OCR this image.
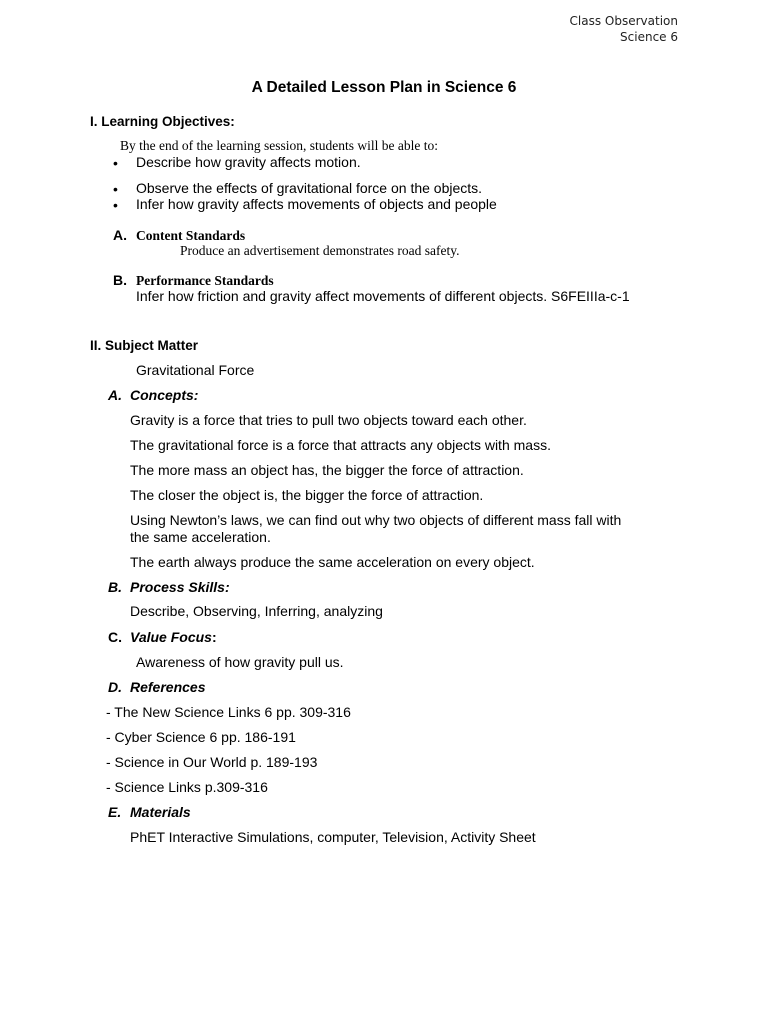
Class Observation
Science 6
A Detailed Lesson Plan in Science 6
I. Learning Objectives:
By the end of the learning session, students will be able to:
• Describe how gravity affects motion.
• Observe the effects of gravitational force on the objects.
• Infer how gravity affects movements of objects and people
A. Content Standards
Produce an advertisement demonstrates road safety.
B. Performance Standards
Infer how friction and gravity affect movements of different objects. S6FEIIIa-c-1
II. Subject Matter
Gravitational Force
A. Concepts:
Gravity is a force that tries to pull two objects toward each other.
The gravitational force is a force that attracts any objects with mass.
The more mass an object has, the bigger the force of attraction.
The closer the object is, the bigger the force of attraction.
Using Newton’s laws, we can find out why two objects of different mass fall with
the same acceleration.
The earth always produce the same acceleration on every object.
B. Process Skills:
Describe, Observing, Inferring, analyzing
C. Value Focus:
Awareness of how gravity pull us.
D. References
- The New Science Links 6 pp. 309-316
- Cyber Science 6 pp. 186-191
- Science in Our World p. 189-193
- Science Links p.309-316
E. Materials
PhET Interactive Simulations, computer, Television, Activity Sheet
